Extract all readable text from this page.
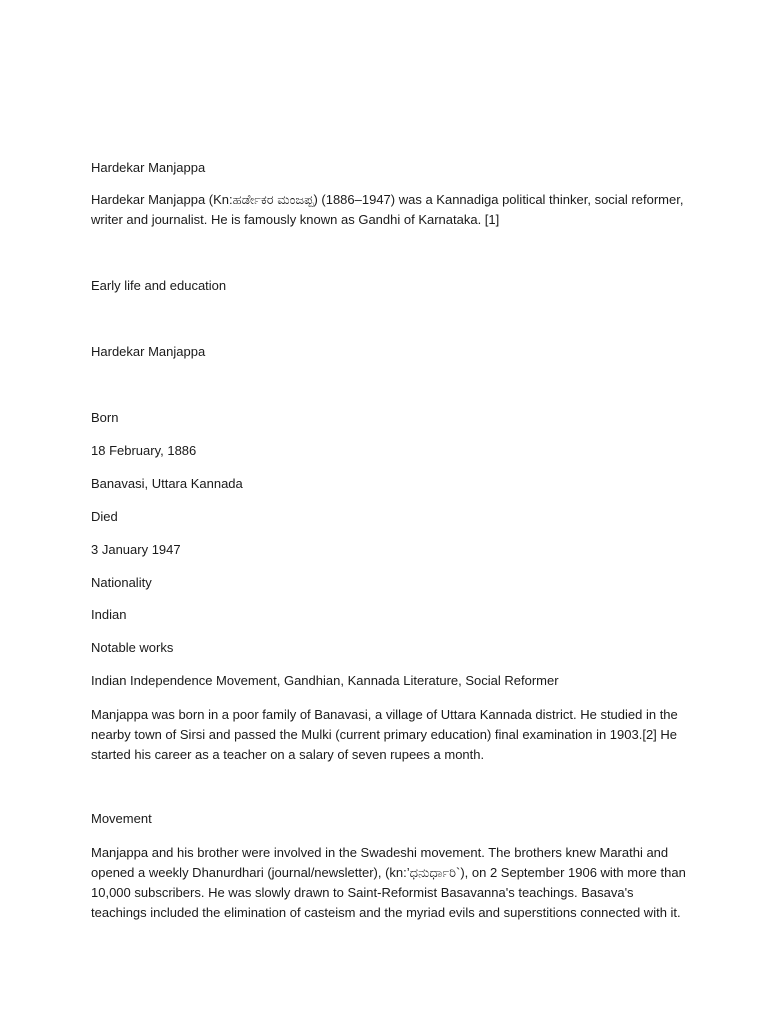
Hardekar Manjappa

Hardekar Manjappa (Kn:ಹರ್ಡೇಕರ ಮಂಜಪ್ಪ) (1886–1947) was a Kannadiga political thinker, social reformer, writer and journalist. He is famously known as Gandhi of Karnataka. [1]

Early life and education

Hardekar Manjappa

Born

18 February, 1886

Banavasi, Uttara Kannada

Died

3 January 1947

Nationality

Indian

Notable works

Indian Independence Movement, Gandhian, Kannada Literature, Social Reformer

Manjappa was born in a poor family of Banavasi, a village of Uttara Kannada district. He studied in the nearby town of Sirsi and passed the Mulki (current primary education) final examination in 1903.[2] He started his career as a teacher on a salary of seven rupees a month.

Movement

Manjappa and his brother were involved in the Swadeshi movement. The brothers knew Marathi and opened a weekly Dhanurdhari (journal/newsletter), (kn:’ಧನುರ್ಧಾರಿ`), on 2 September 1906 with more than 10,000 subscribers. He was slowly drawn to Saint-Reformist Basavanna's teachings. Basava's teachings included the elimination of casteism and the myriad evils and superstitions connected with it.
